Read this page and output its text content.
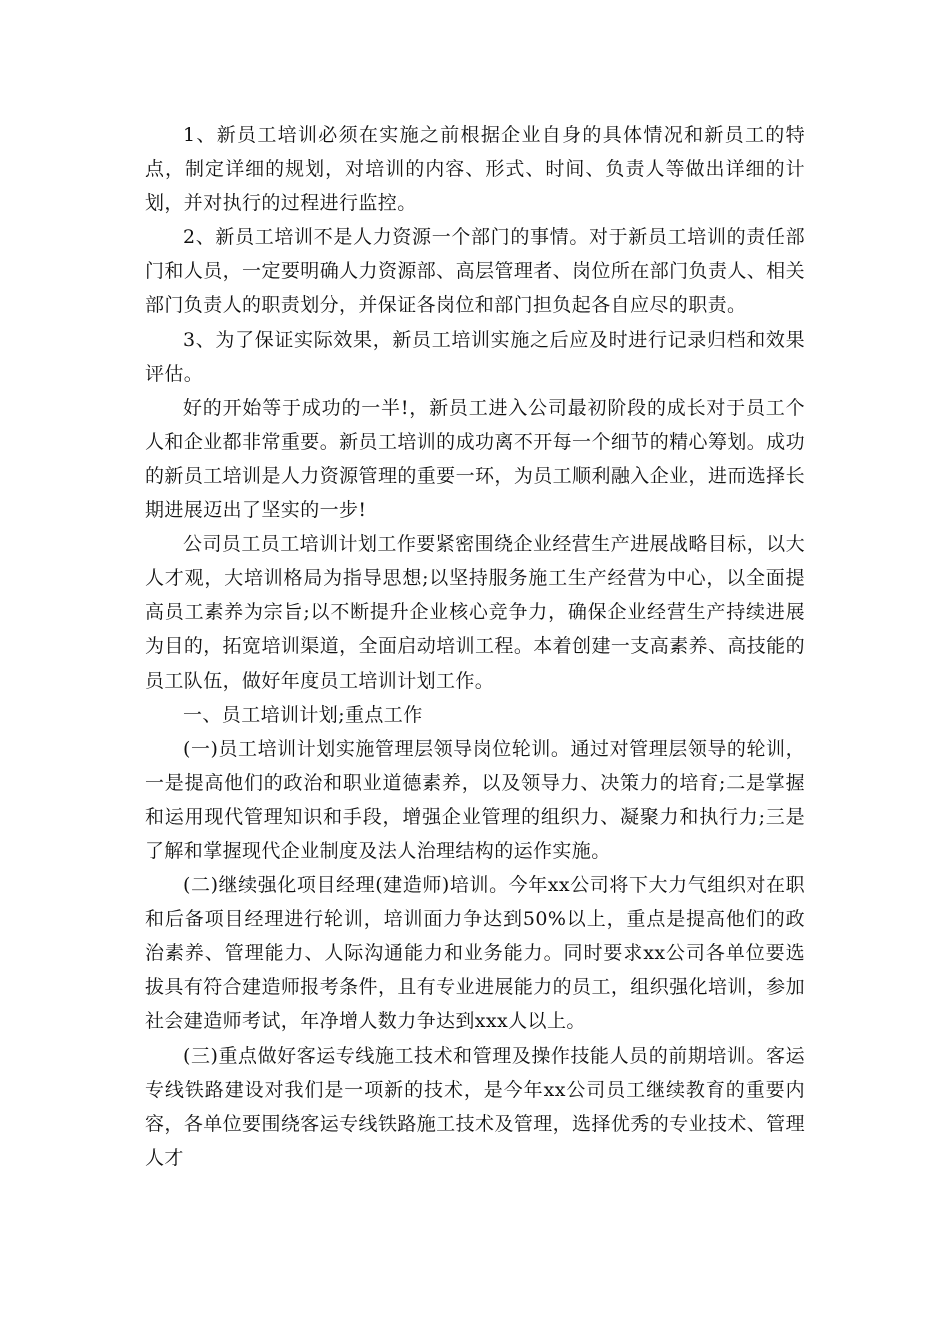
1、新员工培训必须在实施之前根据企业自身的具体情况和新员工的特点，制定详细的规划，对培训的内容、形式、时间、负责人等做出详细的计划，并对执行的过程进行监控。

2、新员工培训不是人力资源一个部门的事情。对于新员工培训的责任部门和人员，一定要明确人力资源部、高层管理者、岗位所在部门负责人、相关部门负责人的职责划分，并保证各岗位和部门担负起各自应尽的职责。

3、为了保证实际效果，新员工培训实施之后应及时进行记录归档和效果评估。

好的开始等于成功的一半!，新员工进入公司最初阶段的成长对于员工个人和企业都非常重要。新员工培训的成功离不开每一个细节的精心筹划。成功的新员工培训是人力资源管理的重要一环，为员工顺利融入企业，进而选择长期进展迈出了坚实的一步!

公司员工员工培训计划工作要紧密围绕企业经营生产进展战略目标，以大人才观，大培训格局为指导思想;以坚持服务施工生产经营为中心，以全面提高员工素养为宗旨;以不断提升企业核心竞争力，确保企业经营生产持续进展为目的，拓宽培训渠道，全面启动培训工程。本着创建一支高素养、高技能的员工队伍，做好年度员工培训计划工作。

一、员工培训计划;重点工作

(一)员工培训计划实施管理层领导岗位轮训。通过对管理层领导的轮训，一是提高他们的政治和职业道德素养，以及领导力、决策力的培育;二是掌握和运用现代管理知识和手段，增强企业管理的组织力、凝聚力和执行力;三是了解和掌握现代企业制度及法人治理结构的运作实施。

(二)继续强化项目经理(建造师)培训。今年xx公司将下大力气组织对在职和后备项目经理进行轮训，培训面力争达到50%以上，重点是提高他们的政治素养、管理能力、人际沟通能力和业务能力。同时要求xx公司各单位要选拔具有符合建造师报考条件，且有专业进展能力的员工，组织强化培训，参加社会建造师考试，年净增人数力争达到xxx人以上。

(三)重点做好客运专线施工技术和管理及操作技能人员的前期培训。客运专线铁路建设对我们是一项新的技术，是今年xx公司员工继续教育的重要内容，各单位要围绕客运专线铁路施工技术及管理，选择优秀的专业技术、管理人才
